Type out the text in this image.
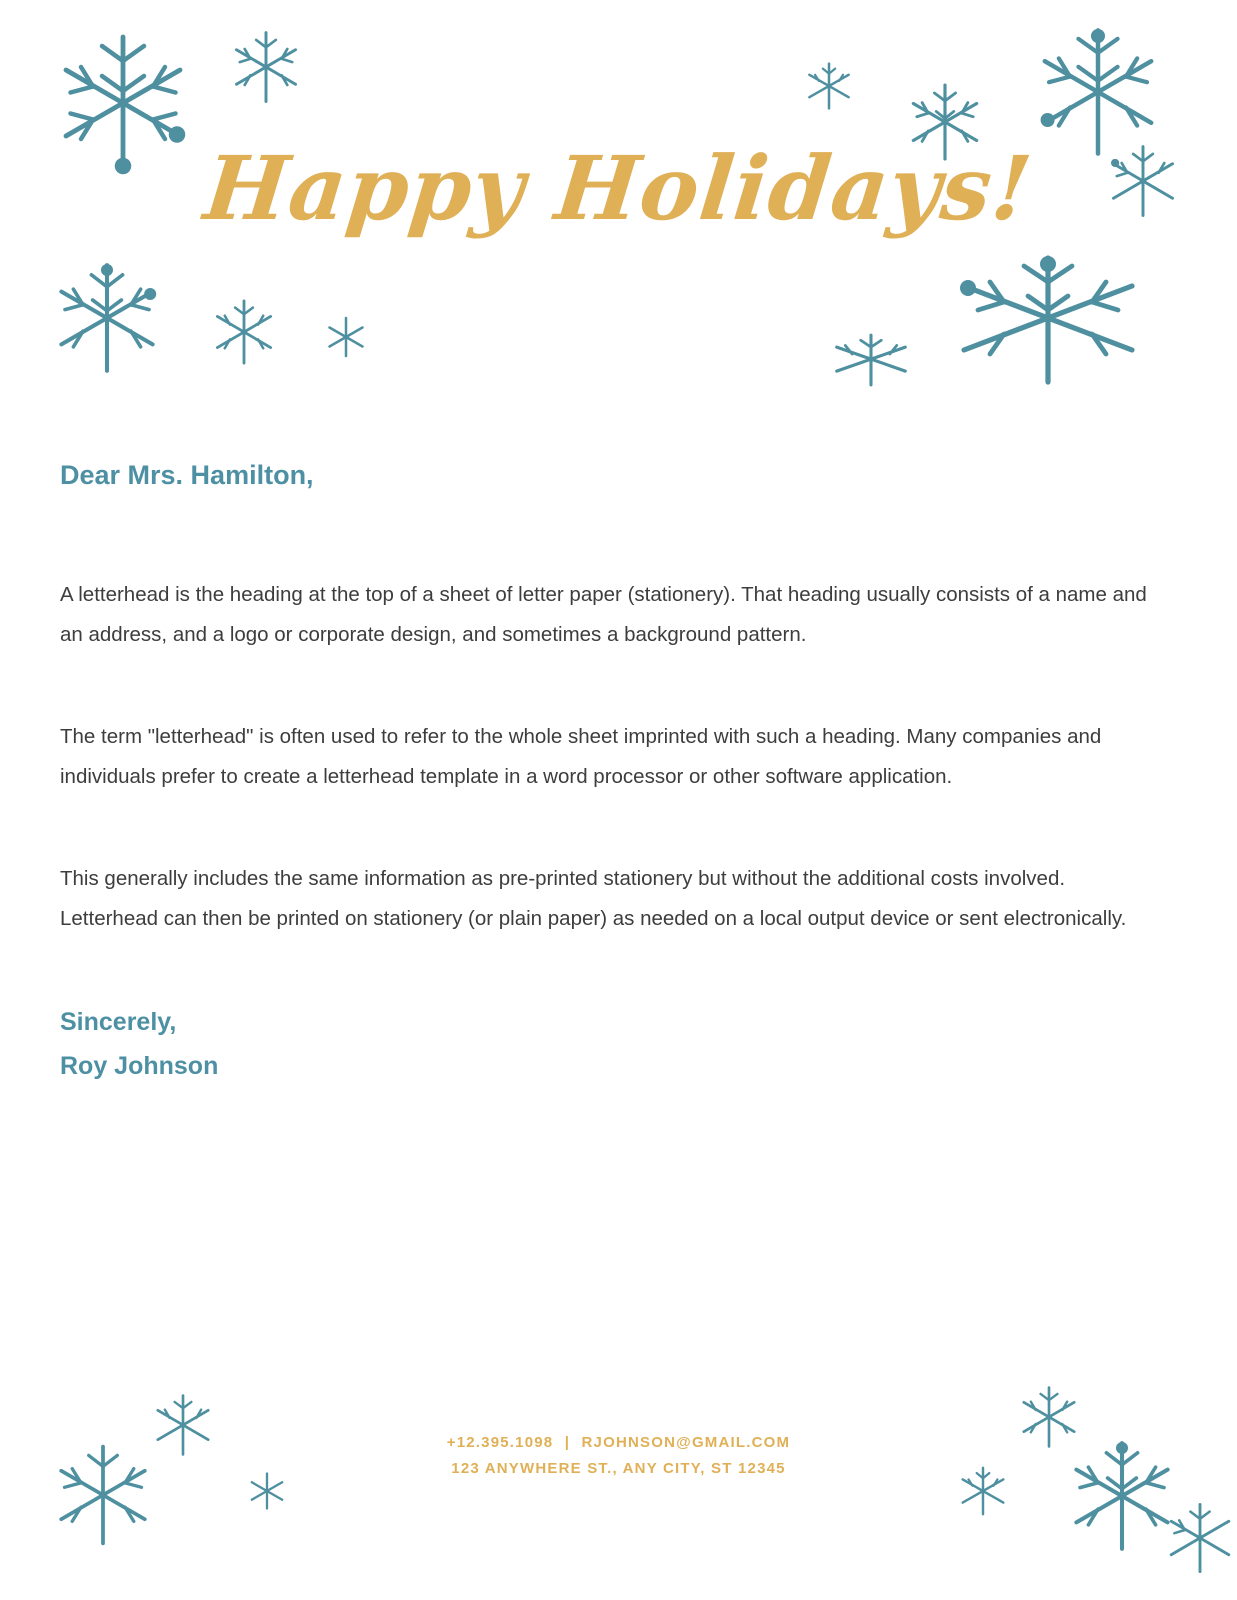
Happy Holidays!
Dear Mrs. Hamilton,

A letterhead is the heading at the top of a sheet of letter paper (stationery). That heading usually consists of a name and an address, and a logo or corporate design, and sometimes a background pattern.

The term "letterhead" is often used to refer to the whole sheet imprinted with such a heading. Many companies and individuals prefer to create a letterhead template in a word processor or other software application.

This generally includes the same information as pre-printed stationery but without the additional costs involved. Letterhead can then be printed on stationery (or plain paper) as needed on a local output device or sent electronically.

Sincerely,
Roy Johnson
+12.395.1098 | RJOHNSON@GMAIL.COM
123 ANYWHERE ST., ANY CITY, ST 12345
